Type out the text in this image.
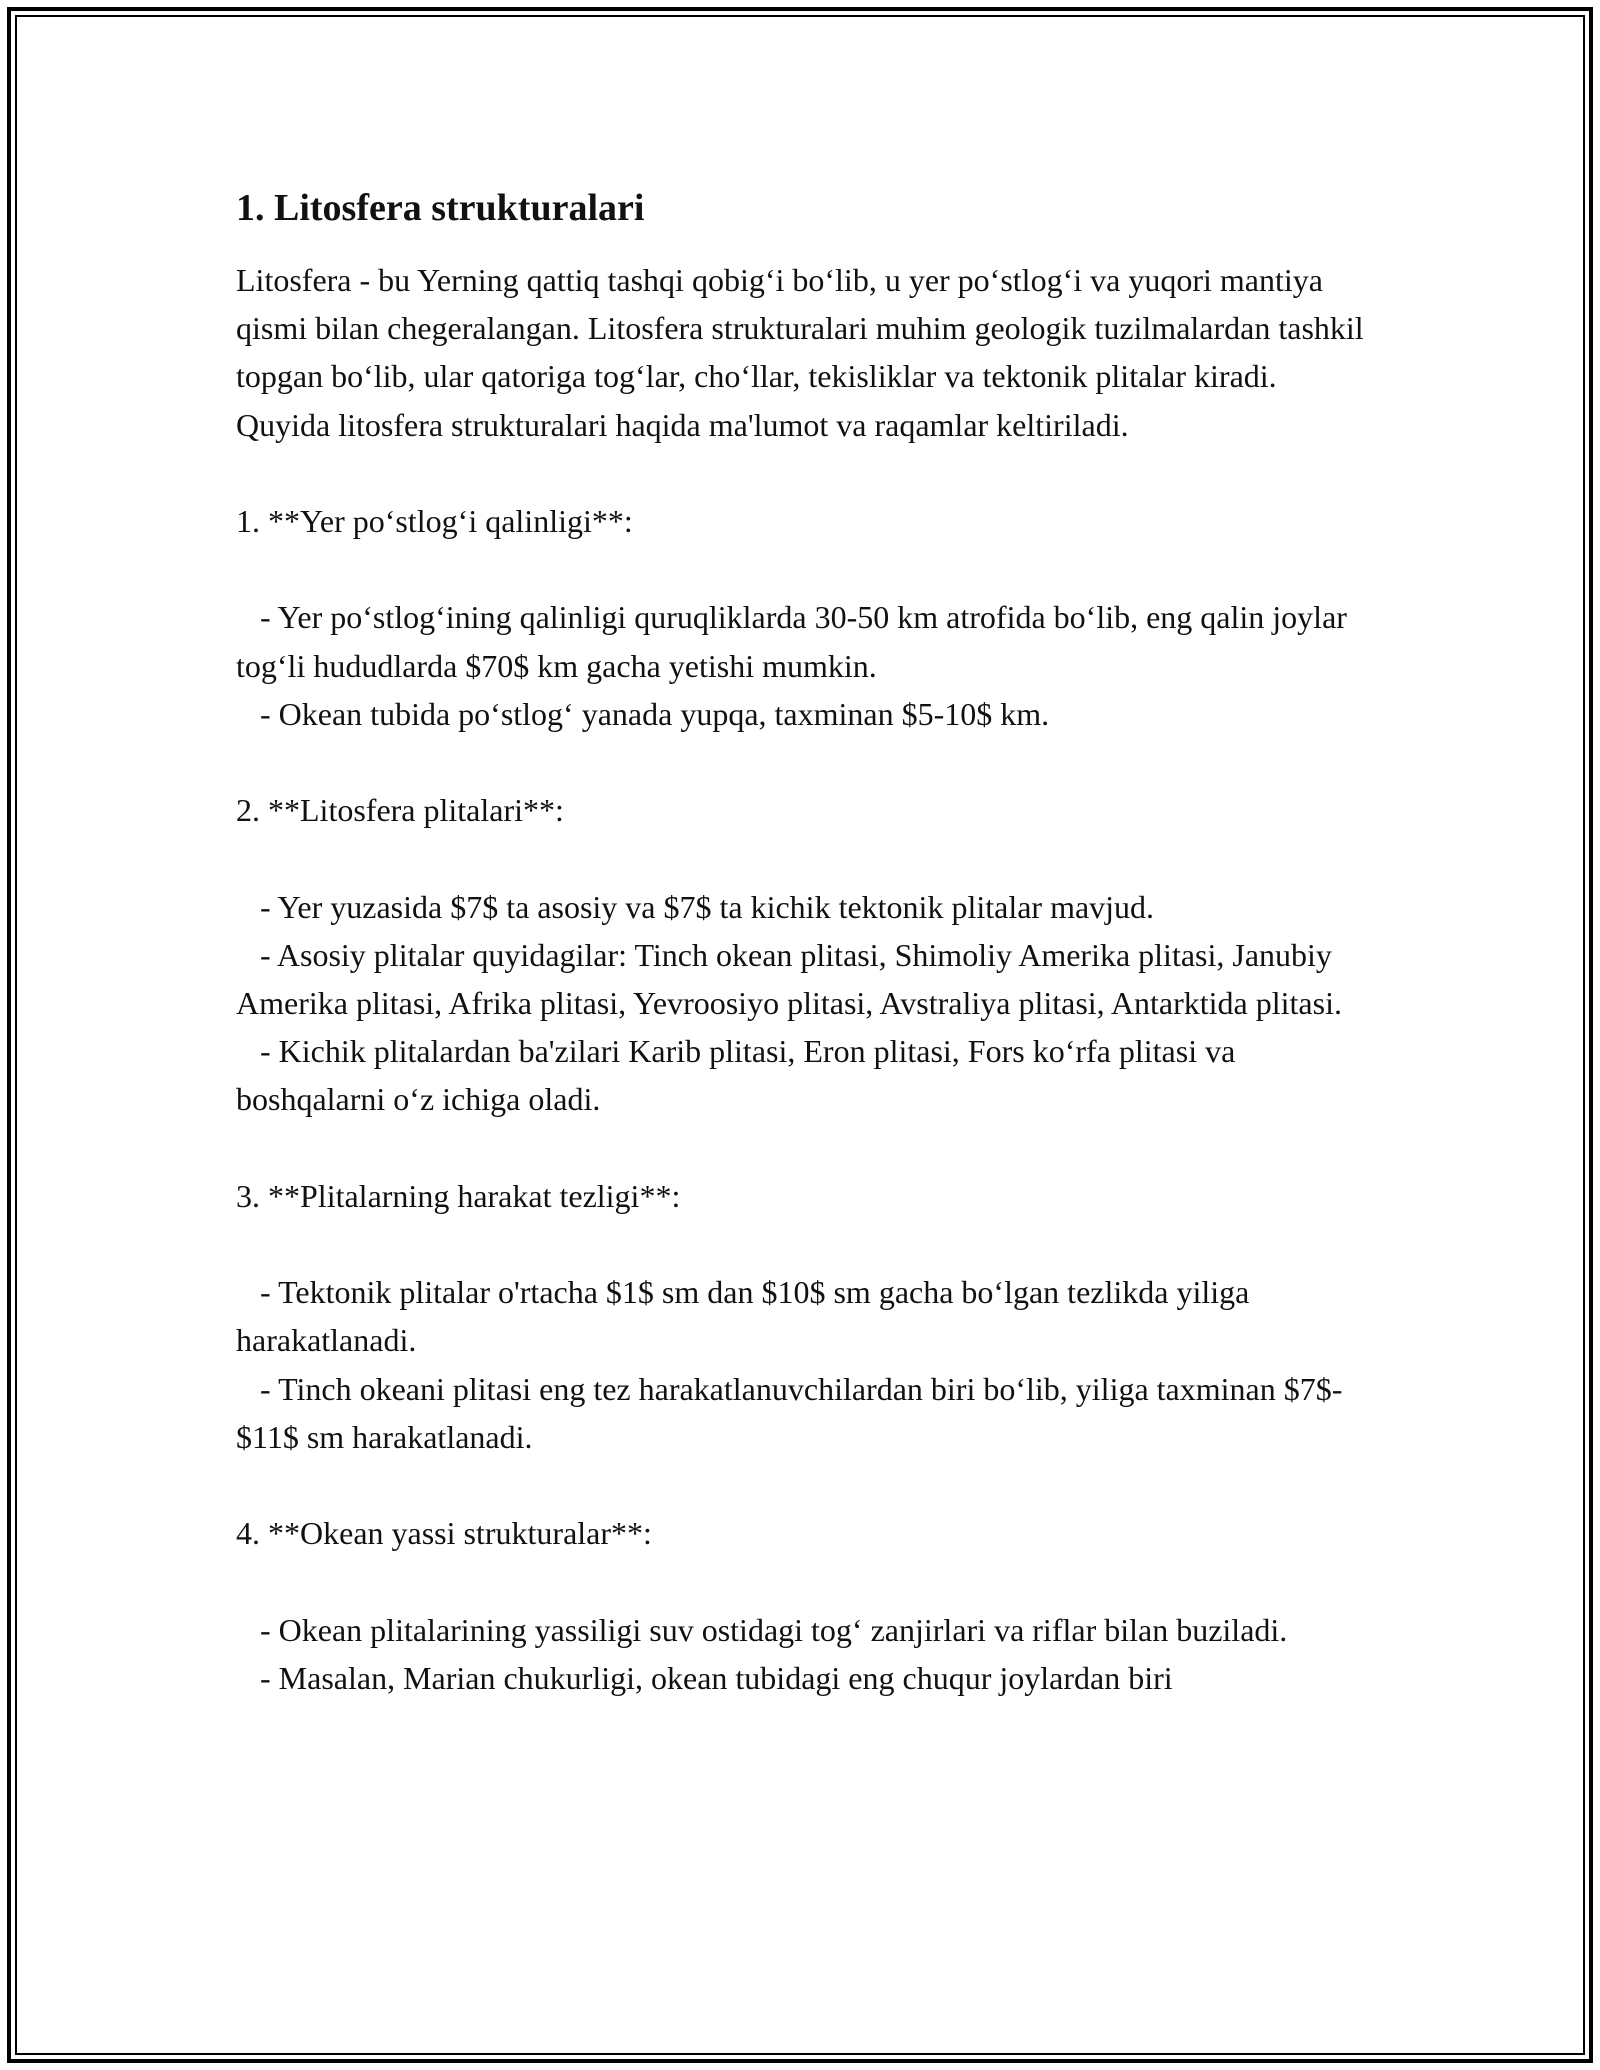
1. Litosfera strukturalari

Litosfera - bu Yerning qattiq tashqi qobig‘i bo‘lib, u yer po‘stlog‘i va yuqori mantiya qismi bilan chegeralangan. Litosfera strukturalari muhim geologik tuzilmalardan tashkil topgan bo‘lib, ular qatoriga tog‘lar, cho‘llar, tekisliklar va tektonik plitalar kiradi. Quyida litosfera strukturalari haqida ma'lumot va raqamlar keltiriladi.

1. **Yer po‘stlog‘i qalinligi**:

- Yer po‘stlog‘ining qalinligi quruqliklarda 30-50 km atrofida bo‘lib, eng qalin joylar tog‘li hududlarda $70$ km gacha yetishi mumkin.

- Okean tubida po‘stlog‘ yanada yupqa, taxminan $5-10$ km.

2. **Litosfera plitalari**:

- Yer yuzasida $7$ ta asosiy va $7$ ta kichik tektonik plitalar mavjud.

- Asosiy plitalar quyidagilar: Tinch okean plitasi, Shimoliy Amerika plitasi, Janubiy Amerika plitasi, Afrika plitasi, Yevroosiyo plitasi, Avstraliya plitasi, Antarktida plitasi.

- Kichik plitalardan ba'zilari Karib plitasi, Eron plitasi, Fors ko‘rfa plitasi va boshqalarni o‘z ichiga oladi.

3. **Plitalarning harakat tezligi**:

- Tektonik plitalar o'rtacha $1$ sm dan $10$ sm gacha bo‘lgan tezlikda yiliga harakatlanadi.

- Tinch okeani plitasi eng tez harakatlanuvchilardan biri bo‘lib, yiliga taxminan $7$- $11$ sm harakatlanadi.

4. **Okean yassi strukturalar**:

- Okean plitalarining yassiligi suv ostidagi tog‘ zanjirlari va riflar bilan buziladi.

- Masalan, Marian chukurligi, okean tubidagi eng chuqur joylardan biri
